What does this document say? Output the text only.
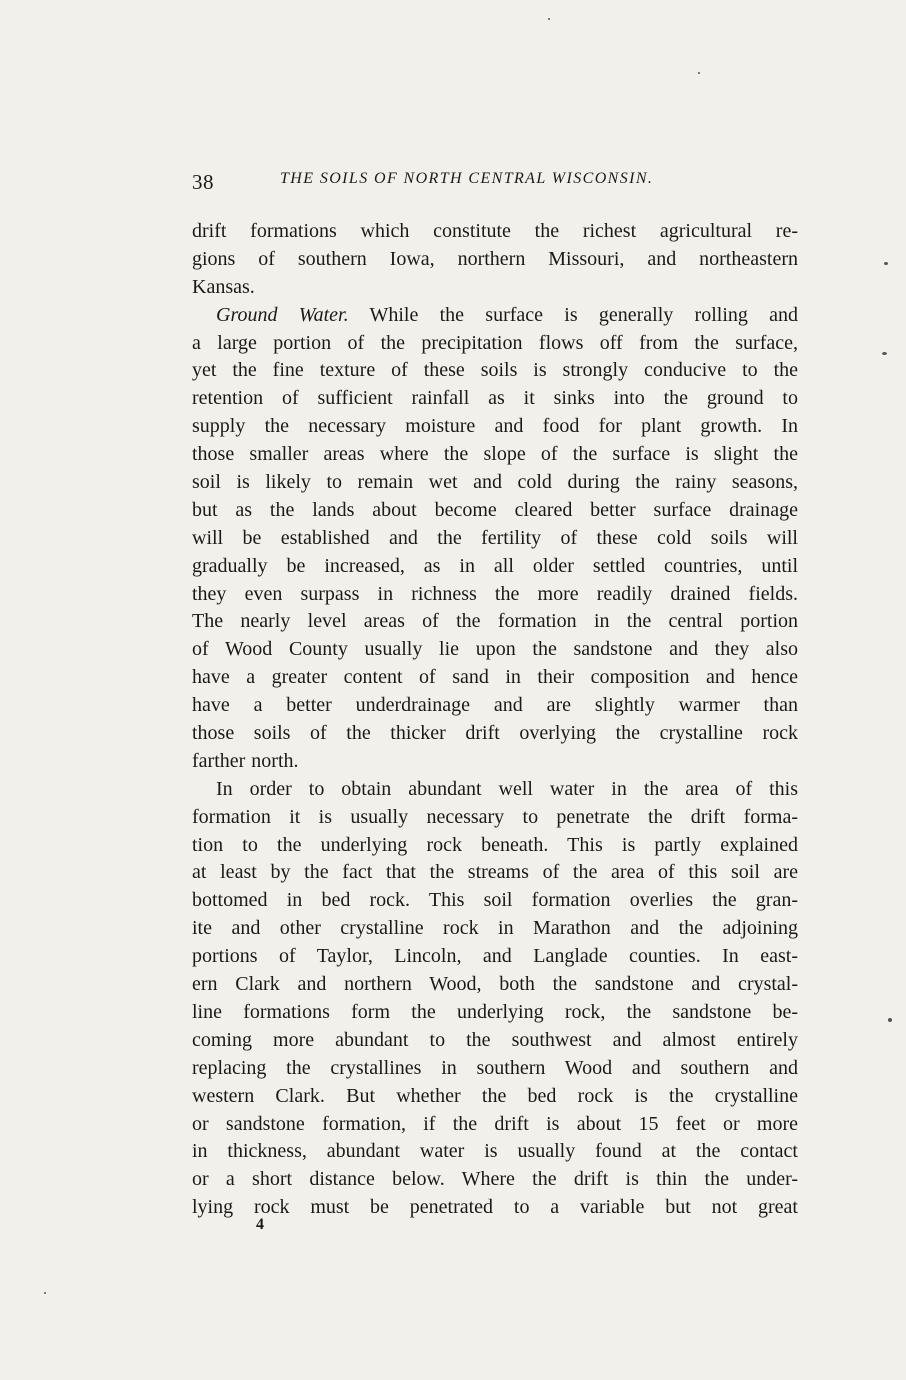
38	THE SOILS OF NORTH CENTRAL WISCONSIN.
drift formations which constitute the richest agricultural re-
gions of southern Iowa, northern Missouri, and northeastern
Kansas.
Ground Water. While the surface is generally rolling and
a large portion of the precipitation flows off from the surface,
yet the fine texture of these soils is strongly conducive to the
retention of sufficient rainfall as it sinks into the ground to
supply the necessary moisture and food for plant growth. In
those smaller areas where the slope of the surface is slight the
soil is likely to remain wet and cold during the rainy seasons,
but as the lands about become cleared better surface drainage
will be established and the fertility of these cold soils will
gradually be increased, as in all older settled countries, until
they even surpass in richness the more readily drained fields.
The nearly level areas of the formation in the central portion
of Wood County usually lie upon the sandstone and they also
have a greater content of sand in their composition and hence
have a better underdrainage and are slightly warmer than
those soils of the thicker drift overlying the crystalline rock
farther north.
In order to obtain abundant well water in the area of this
formation it is usually necessary to penetrate the drift forma-
tion to the underlying rock beneath. This is partly explained
at least by the fact that the streams of the area of this soil are
bottomed in bed rock. This soil formation overlies the gran-
ite and other crystalline rock in Marathon and the adjoining
portions of Taylor, Lincoln, and Langlade counties. In east-
ern Clark and northern Wood, both the sandstone and crystal-
line formations form the underlying rock, the sandstone be-
coming more abundant to the southwest and almost entirely
replacing the crystallines in southern Wood and southern and
western Clark. But whether the bed rock is the crystalline
or sandstone formation, if the drift is about 15 feet or more
in thickness, abundant water is usually found at the contact
or a short distance below. Where the drift is thin the under-
lying rock must be penetrated to a variable but not great
4
